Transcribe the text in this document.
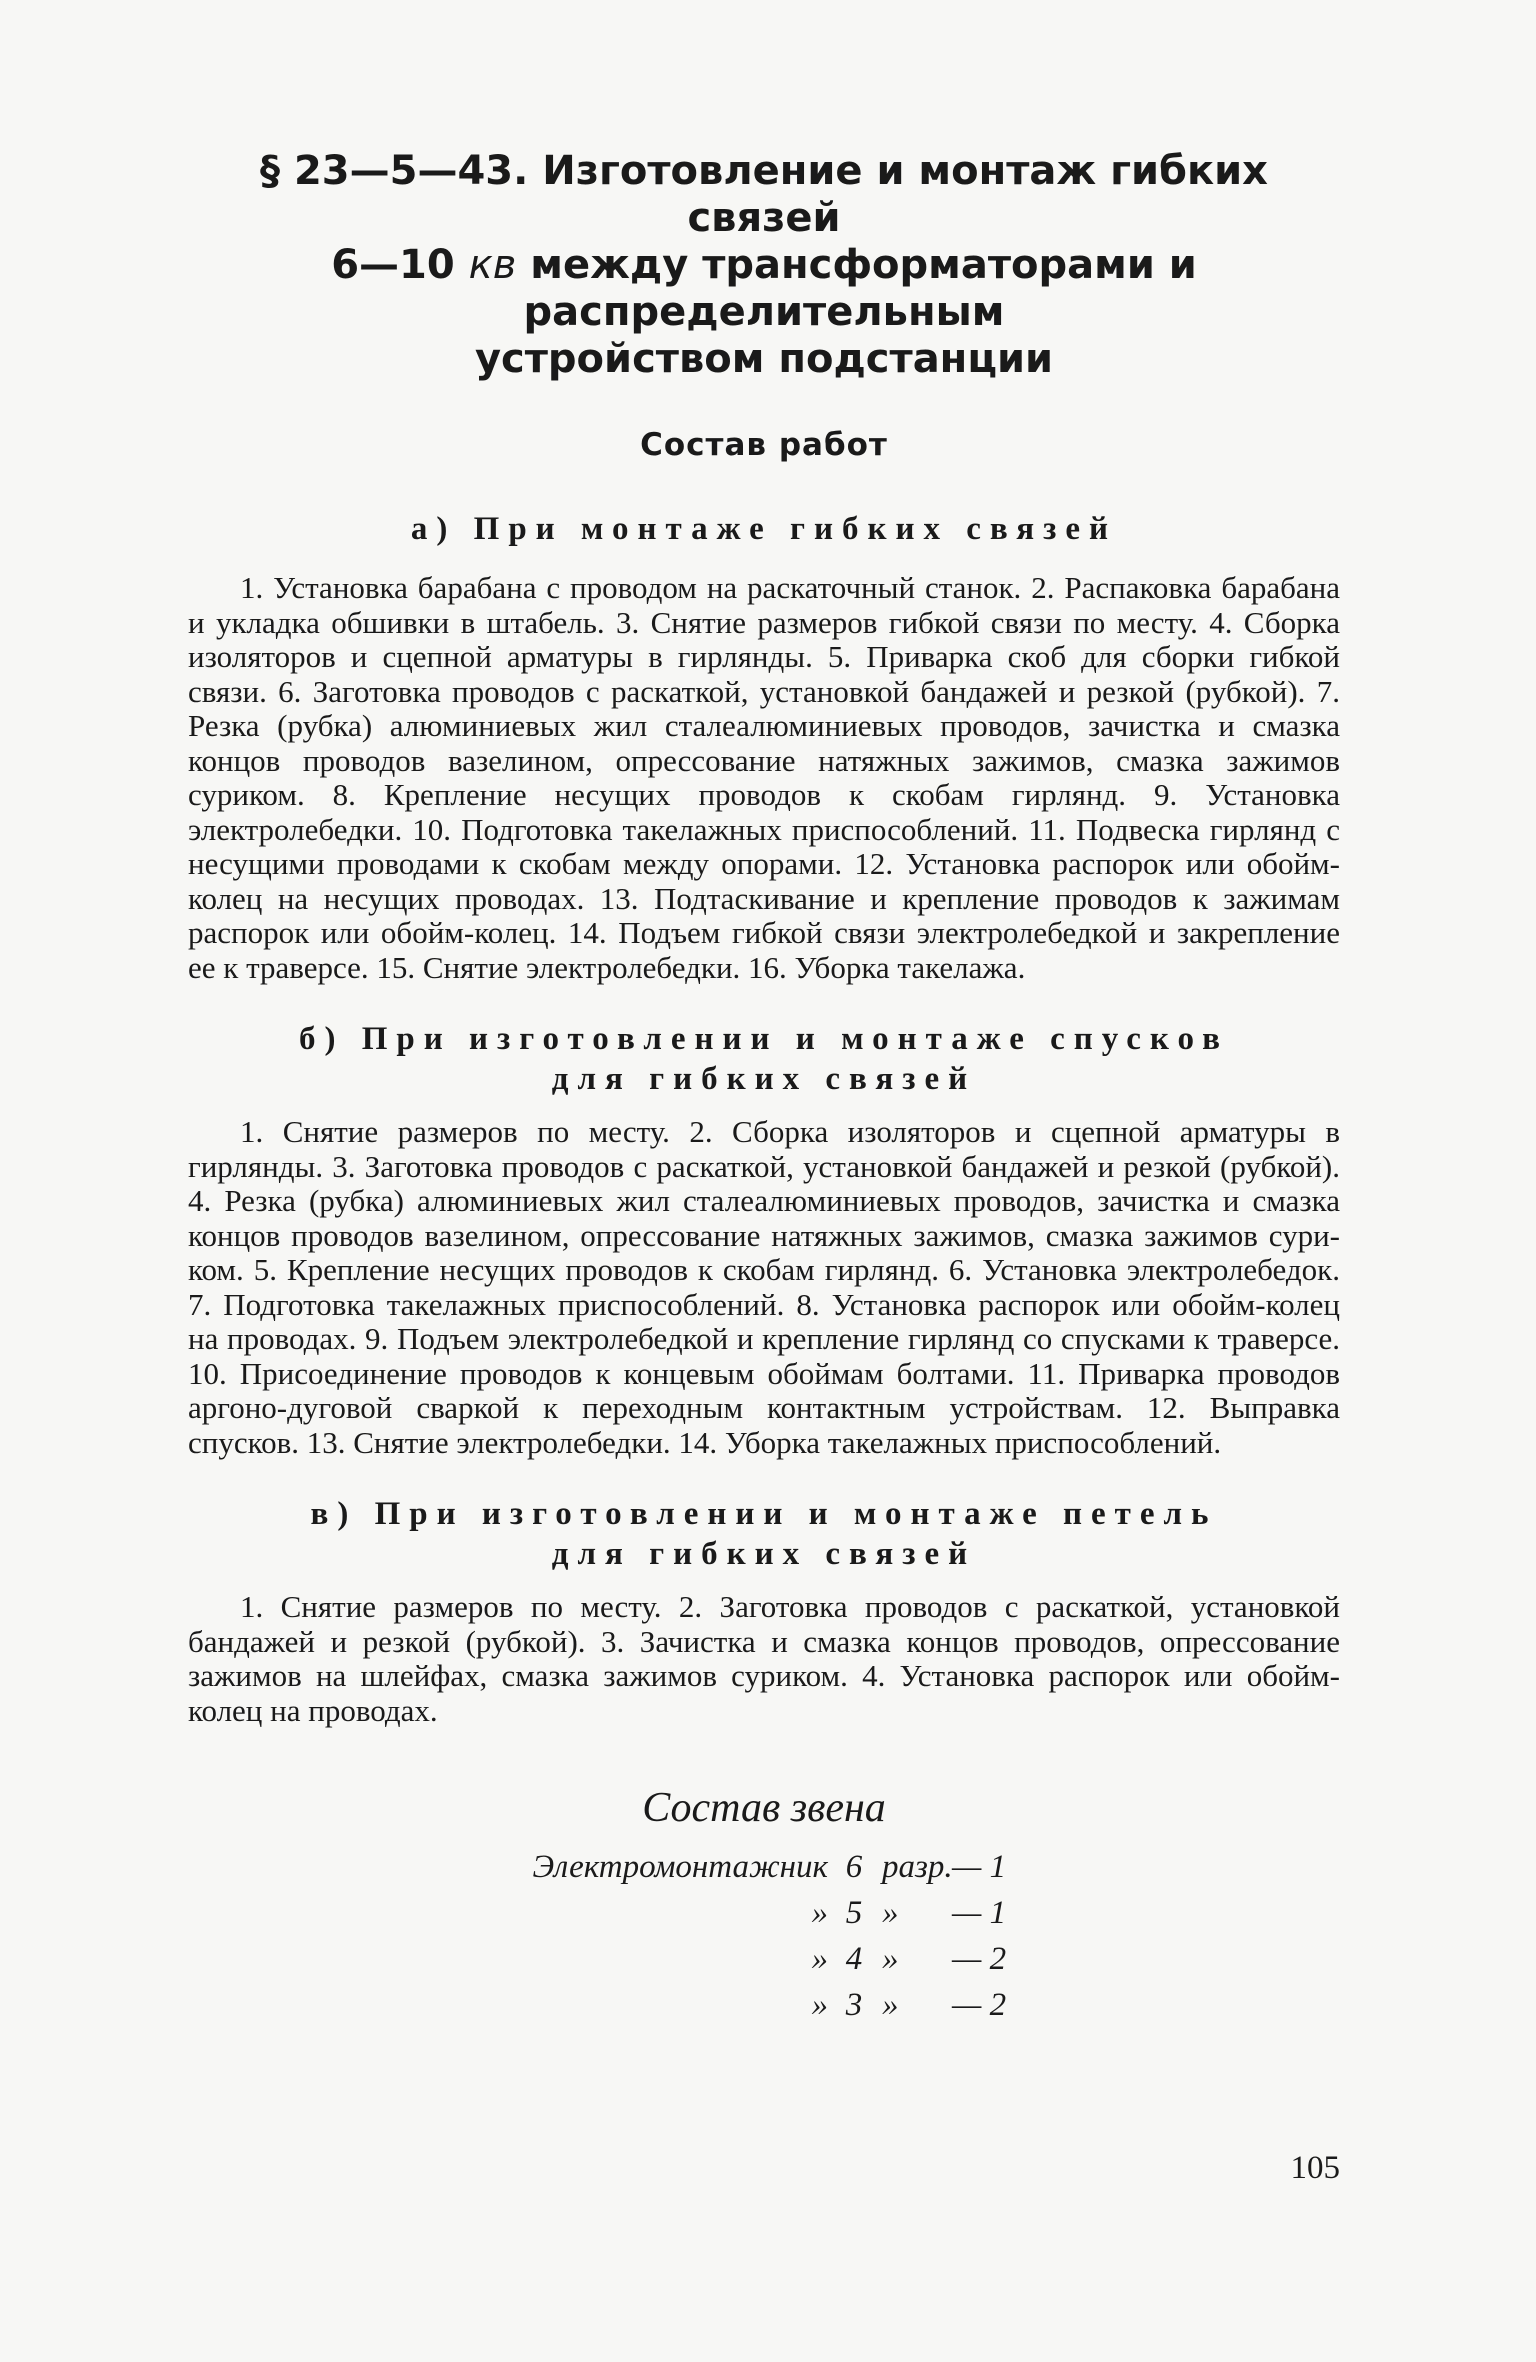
§ 23—5—43. Изготовление и монтаж гибких связей
6—10 кв между трансформаторами и распределительным
устройством подстанции
Состав работ
а) При монтаже гибких связей

1. Установка барабана с проводом на раскаточный станок. 2. Распаковка барабана и укладка обшивки в штабель. 3. Снятие размеров гибкой связи по месту. 4. Сборка изоляторов и сцепной арматуры в гирлянды. 5. Приварка скоб для сборки гибкой связи. 6. Заготовка проводов с раскаткой, установкой бандажей и резкой (рубкой). 7. Резка (рубка) алюминиевых жил сталеалюминиевых проводов, зачистка и смазка концов проводов вазелином, опрессование натяжных зажимов, смазка зажимов суриком. 8. Крепление несущих проводов к скобам гирлянд. 9. Установка электролебедки. 10. Подготовка такелажных приспособлений. 11. Подвеска гирлянд с несущими проводами к скобам между опорами. 12. Установка распорок или обойм-колец на несущих проводах. 13. Подтаскивание и крепление проводов к зажимам распорок или обойм-колец. 14. Подъем гибкой связи электролебедкой и закрепление ее к траверсе. 15. Снятие электролебедки. 16. Уборка такелажа.

б) При изготовлении и монтаже спусков
для гибких связей

1. Снятие размеров по месту. 2. Сборка изоляторов и сцепной арматуры в гирлянды. 3. Заготовка проводов с раскаткой, установкой бандажей и резкой (рубкой). 4. Резка (рубка) алюминиевых жил сталеалюминиевых проводов, зачистка и смазка концов проводов вазелином, опрессование натяжных зажимов, смазка зажимов суриком. 5. Крепление несущих проводов к скобам гирлянд. 6. Установка электролебедок. 7. Подготовка такелажных приспособлений. 8. Установка распорок или обойм-колец на проводах. 9. Подъем электролебедкой и крепление гирлянд со спусками к траверсе. 10. Присоединение проводов к концевым обоймам болтами. 11. Приварка проводов аргоно-дуговой сваркой к переходным контактным устройствам. 12. Выправка спусков. 13. Снятие электролебедки. 14. Уборка такелажных приспособлений.

в) При изготовлении и монтаже петель
для гибких связей

1. Снятие размеров по месту. 2. Заготовка проводов с раскаткой, установкой бандажей и резкой (рубкой). 3. Зачистка и смазка концов проводов, опрессование зажимов на шлейфах, смазка зажимов суриком. 4. Установка распорок или обойм-колец на проводах.

Состав звена
Электромонтажник 6 разр. — 1
» 5 »	— 1
» 4 »	— 2
» 3 »	— 2
105
